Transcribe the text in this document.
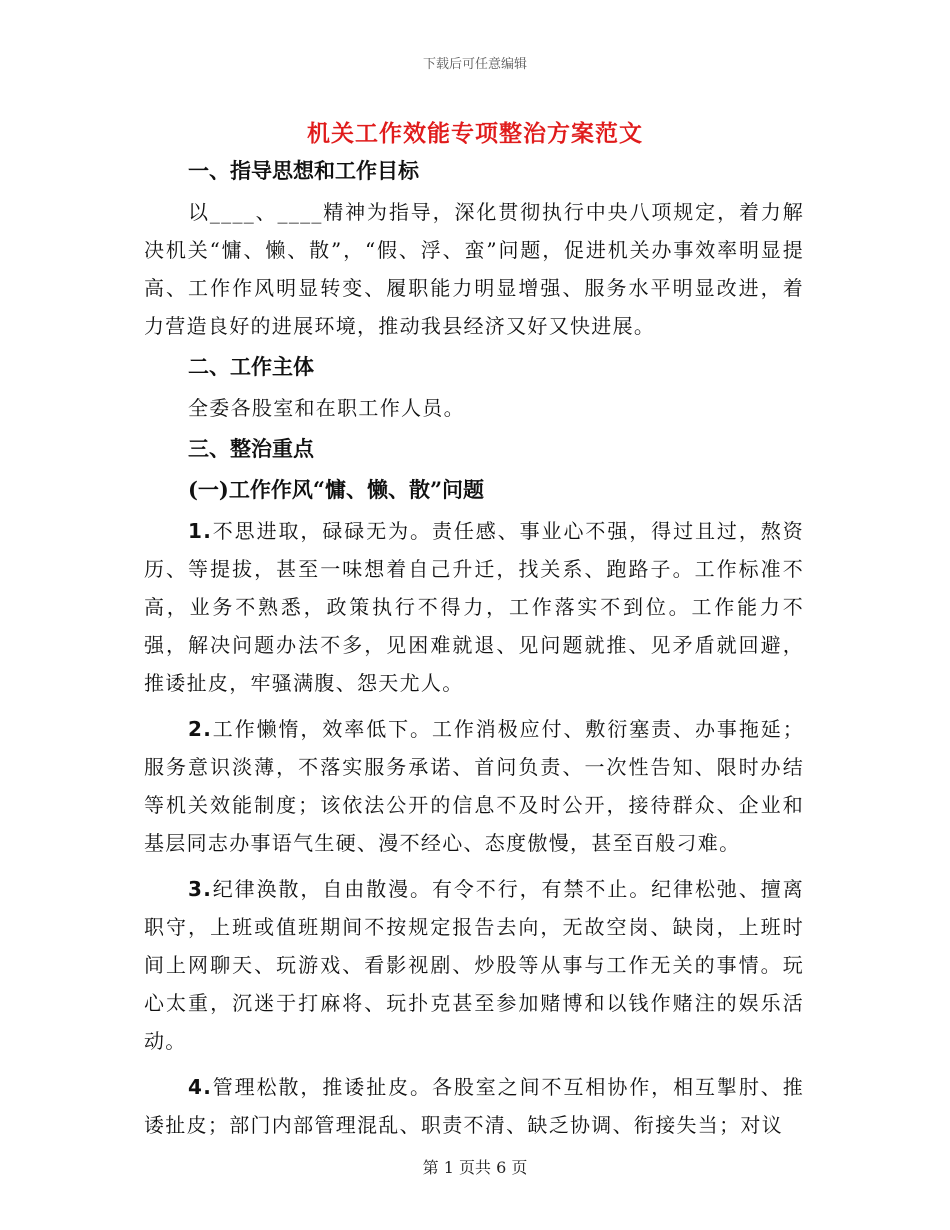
下载后可任意编辑
机关工作效能专项整治方案范文
一、指导思想和工作目标

以____、____精神为指导，深化贯彻执行中央八项规定，着力解决机关“慵、懒、散”，“假、浮、蛮”问题，促进机关办事效率明显提高、工作作风明显转变、履职能力明显增强、服务水平明显改进，着力营造良好的进展环境，推动我县经济又好又快进展。

二、工作主体

全委各股室和在职工作人员。

三、整治重点
(一)工作作风“慵、懒、散”问题

1.不思进取，碌碌无为。责任感、事业心不强，得过且过，熬资历、等提拔，甚至一味想着自己升迁，找关系、跑路子。工作标准不高，业务不熟悉，政策执行不得力，工作落实不到位。工作能力不强，解决问题办法不多，见困难就退、见问题就推、见矛盾就回避，推诿扯皮，牢骚满腹、怨天尤人。

2.工作懒惰，效率低下。工作消极应付、敷衍塞责、办事拖延；服务意识淡薄，不落实服务承诺、首问负责、一次性告知、限时办结等机关效能制度；该依法公开的信息不及时公开，接待群众、企业和基层同志办事语气生硬、漫不经心、态度傲慢，甚至百般刁难。

3.纪律涣散，自由散漫。有令不行，有禁不止。纪律松弛、擅离职守，上班或值班期间不按规定报告去向，无故空岗、缺岗，上班时间上网聊天、玩游戏、看影视剧、炒股等从事与工作无关的事情。玩心太重，沉迷于打麻将、玩扑克甚至参加赌博和以钱作赌注的娱乐活动。

4.管理松散，推诿扯皮。各股室之间不互相协作，相互掣肘、推诿扯皮；部门内部管理混乱、职责不清、缺乏协调、衔接失当；对议

第 1 页共 6 页
